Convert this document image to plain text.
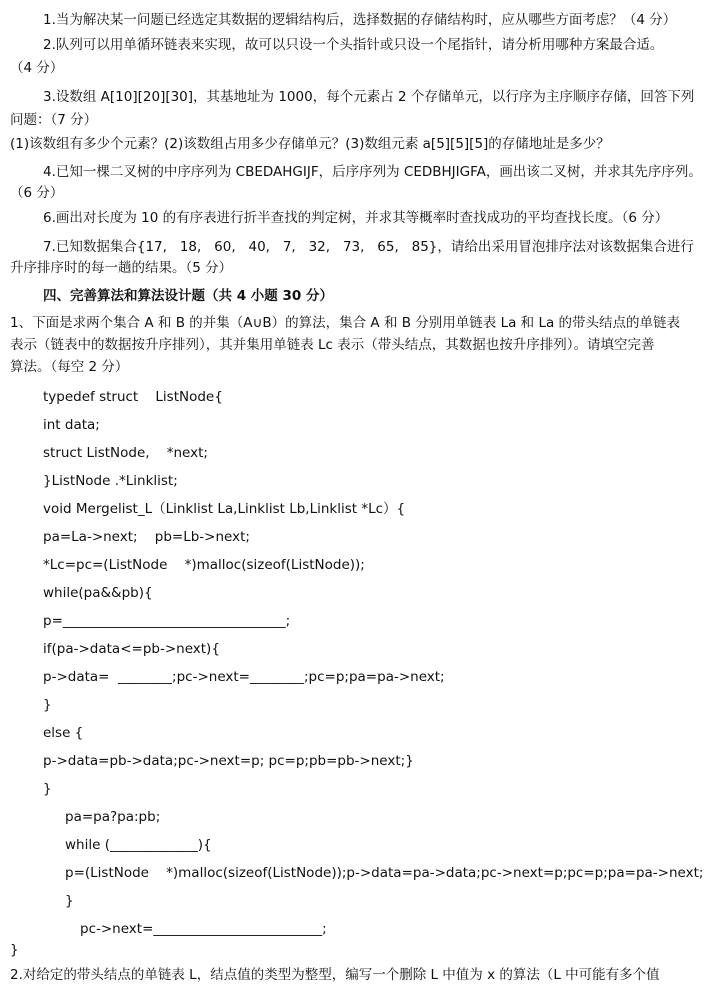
1.当为解决某一问题已经选定其数据的逻辑结构后，选择数据的存储结构时，应从哪些方面考虑？（4 分）
2.队列可以用单循环链表来实现，故可以只设一个头指针或只设一个尾指针，请分析用哪种方案最合适。
（4 分）
3.设数组 A[10][20][30]，其基地址为 1000，每个元素占 2 个存储单元，以行序为主序顺序存储，回答下列
问题：（7 分）
(1)该数组有多少个元素？(2)该数组占用多少存储单元？(3)数组元素 a[5][5][5]的存储地址是多少？
4.已知一棵二叉树的中序序列为 CBEDAHGIJF，后序序列为 CEDBHJIGFA，画出该二叉树，并求其先序序列。
（6 分）
6.画出对长度为 10 的有序表进行折半查找的判定树，并求其等概率时查找成功的平均查找长度。（6 分）
7.已知数据集合{17,   18,   60,   40,   7,   32,   73,   65,   85}，请给出采用冒泡排序法对该数据集合进行
升序排序时的每一趟的结果。（5 分）
四、完善算法和算法设计题（共 4 小题 30 分）
1、下面是求两个集合 A 和 B 的并集（A∪B）的算法，集合 A 和 B 分别用单链表 La 和 La 的带头结点的单链表
表示（链表中的数据按升序排列），其并集用单链表 Lc 表示（带头结点，其数据也按升序排列）。请填空完善
算法。（每空 2 分）
typedef struct    ListNode{
int data;
struct ListNode,    *next;
}ListNode .*Linklist;
void Mergelist_L（Linklist La,Linklist Lb,Linklist *Lc）{
pa=La->next;    pb=Lb->next;
*Lc=pc=(ListNode    *)malloc(sizeof(ListNode));
while(pa&&pb){
p=_________________________________;
if(pa->data<=pb->next){
p->data=  ________;pc->next=________;pc=p;pa=pa->next;
}
else {
p->data=pb->data;pc->next=p; pc=p;pb=pb->next;}
}
pa=pa?pa:pb;
while (_____________){
p=(ListNode    *)malloc(sizeof(ListNode));p->data=pa->data;pc->next=p;pc=p;pa=pa->next;
}
pc->next=_________________________;
}
2.对给定的带头结点的单链表 L，结点值的类型为整型，编写一个删除 L 中值为 x 的算法（L 中可能有多个值
